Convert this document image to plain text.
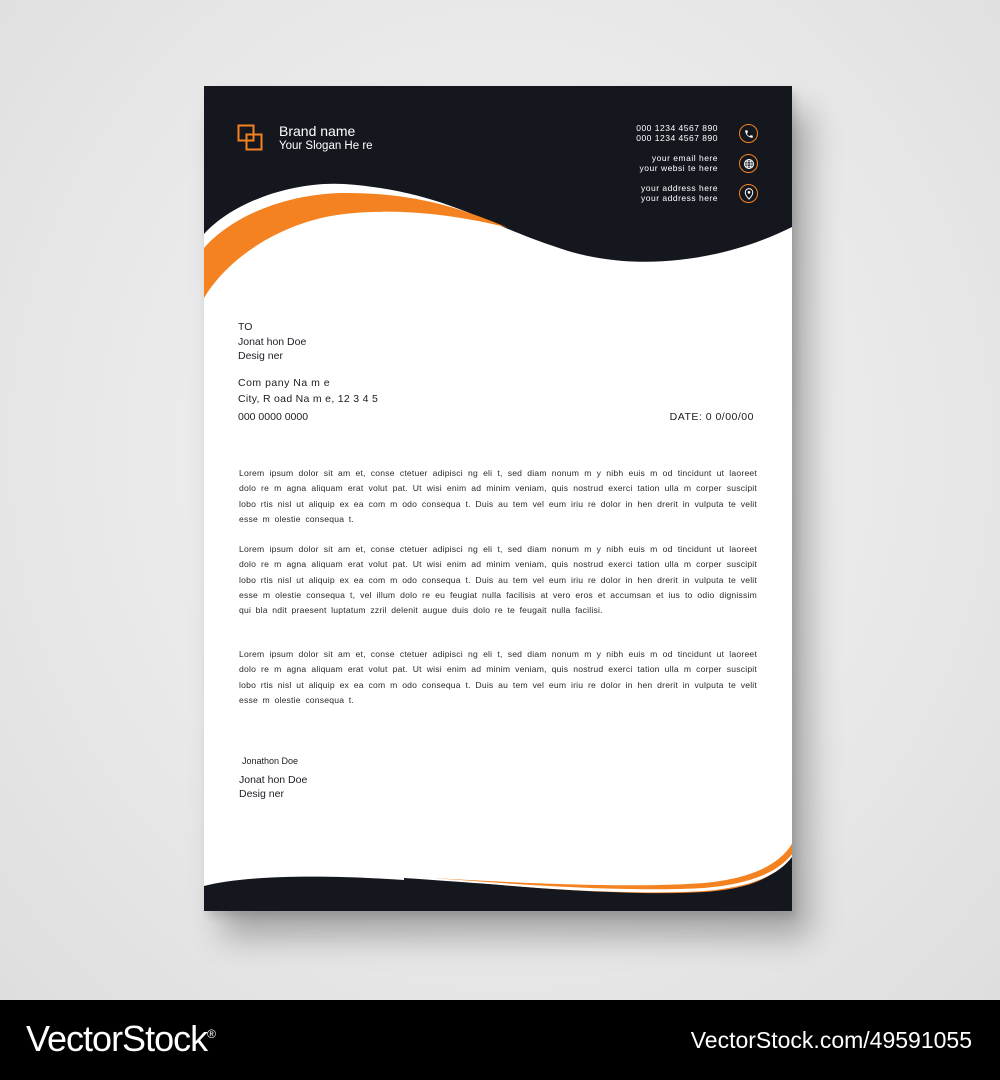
Brand name
Your Slogan He re
000 1234 4567 890
000 1234 4567 890
your email here
your websi te here
your address here
your address here
TO
Jonat hon Doe
Desig ner
Com pany Na m e
City, R oad Na m e, 12 3 4 5
000 0000 0000	DATE: 0 0/00/00
Lorem ipsum dolor sit am et, conse ctetuer adipisci ng eli t, sed diam nonum m y nibh euis m od tincidunt ut laoreet dolo re m agna aliquam erat volut pat. Ut wisi enim ad minim veniam, quis nostrud exerci tation ulla m corper suscipit lobo rtis nisl ut aliquip ex ea com m odo consequa t. Duis au tem vel eum iriu re dolor in hen drerit in vulputa te velit esse m olestie consequa t.
Lorem ipsum dolor sit am et, conse ctetuer adipisci ng eli t, sed diam nonum m y nibh euis m od tincidunt ut laoreet dolo re m agna aliquam erat volut pat. Ut wisi enim ad minim veniam, quis nostrud exerci tation ulla m corper suscipit lobo rtis nisl ut aliquip ex ea com m odo consequa t. Duis au tem vel eum iriu re dolor in hen drerit in vulputa te velit esse m olestie consequa t, vel illum dolo re eu feugiat nulla facilisis at vero eros et accumsan et ius to odio dignissim qui bla ndit praesent luptatum zzril delenit augue duis dolo re te feugait nulla facilisi.
Lorem ipsum dolor sit am et, conse ctetuer adipisci ng eli t, sed diam nonum m y nibh euis m od tincidunt ut laoreet dolo re m agna aliquam erat volut pat. Ut wisi enim ad minim veniam, quis nostrud exerci tation ulla m corper suscipit lobo rtis nisl ut aliquip ex ea com m odo consequa t. Duis au tem vel eum iriu re dolor in hen drerit in vulputa te velit esse m olestie consequa t.
Jonathon Doe
Jonat hon Doe
Desig ner
VectorStock®	VectorStock.com/49591055
